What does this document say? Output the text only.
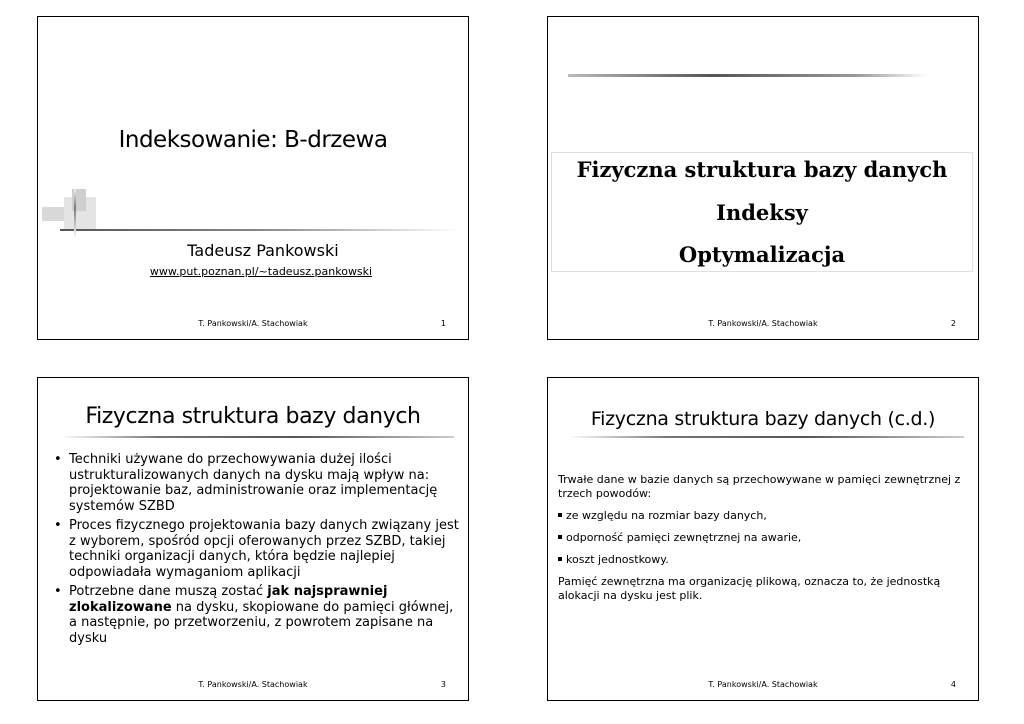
Indeksowanie: B-drzewa
Tadeusz Pankowski
www.put.poznan.pl/~tadeusz.pankowski
T. Pankowski/A. Stachowiak	1
Fizyczna struktura bazy danych
Indeksy
Optymalizacja
T. Pankowski/A. Stachowiak	2
Fizyczna struktura bazy danych
• Techniki używane do przechowywania dużej ilości ustrukturalizowanych danych na dysku mają wpływ na: projektowanie baz, administrowanie oraz implementację systemów SZBD
• Proces fizycznego projektowania bazy danych związany jest z wyborem, spośród opcji oferowanych przez SZBD, takiej techniki organizacji danych, która będzie najlepiej odpowiadała wymaganiom aplikacji
• Potrzebne dane muszą zostać jak najsprawniej zlokalizowane na dysku, skopiowane do pamięci głównej, a następnie, po przetworzeniu, z powrotem zapisane na dysku
T. Pankowski/A. Stachowiak	3
Fizyczna struktura bazy danych (c.d.)

Trwałe dane w bazie danych są przechowywane w pamięci zewnętrznej z trzech powodów:

ze względu na rozmiar bazy danych,
odporność pamięci zewnętrznej na awarie,
koszt jednostkowy.

Pamięć zewnętrzna ma organizację plikową, oznacza to, że jednostką alokacji na dysku jest plik.

T. Pankowski/A. Stachowiak	4
